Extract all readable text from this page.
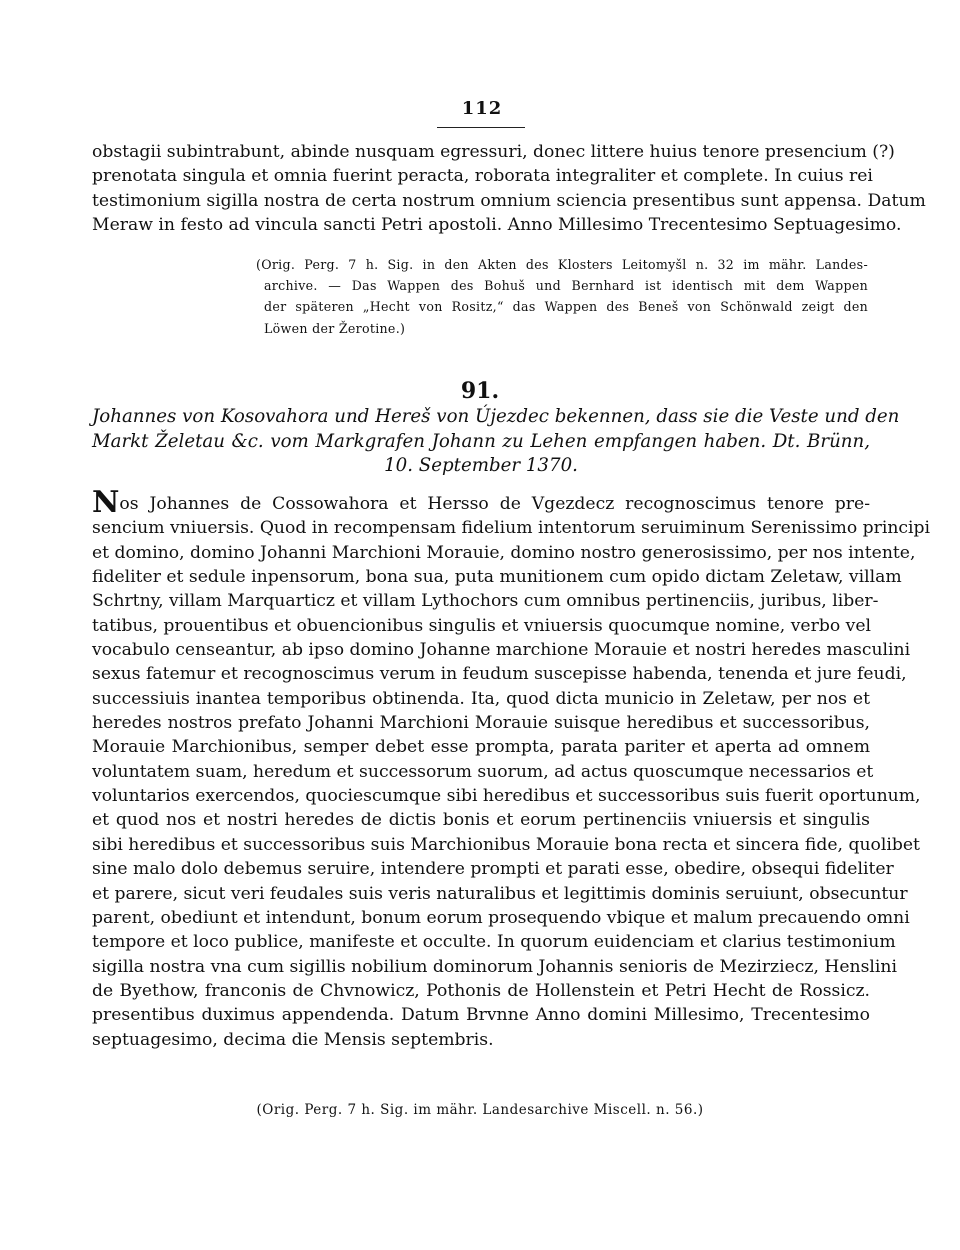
112
obstagii subintrabunt, abinde nusquam egressuri, donec littere huius tenore presencium (?)
prenotata singula et omnia fuerint peracta, roborata integraliter et complete. In cuius rei
testimonium sigilla nostra de certa nostrum omnium sciencia presentibus sunt appensa. Datum
Meraw in festo ad vincula sancti Petri apostoli. Anno Millesimo Trecentesimo Septuagesimo.
(Orig. Perg. 7 h. Sig. in den Akten des Klosters Leitomyšl n. 32 im mähr. Landes-
archive. — Das Wappen des Bohuš und Bernhard ist identisch mit dem Wappen
der späteren „Hecht von Rositz,“ das Wappen des Beneš von Schönwald zeigt den
Löwen der Žerotine.)
91.
Johannes von Kosovahora und Hereš von Újezdec bekennen, dass sie die Veste und den
Markt Želetau &c. vom Markgrafen Johann zu Lehen empfangen haben. Dt. Brünn,
10. September 1370.
Nos Johannes de Cossowahora et Hersso de Vgezdecz recognoscimus tenore pre-
sencium vniuersis. Quod in recompensam fidelium intentorum seruiminum Serenissimo principi
et domino, domino Johanni Marchioni Morauie, domino nostro generosissimo, per nos intente,
fideliter et sedule inpensorum, bona sua, puta munitionem cum opido dictam Zeletaw, villam
Schrtny, villam Marquarticz et villam Lythochors cum omnibus pertinenciis, juribus, liber-
tatibus, prouentibus et obuencionibus singulis et vniuersis quocumque nomine, verbo vel
vocabulo censeantur, ab ipso domino Johanne marchione Morauie et nostri heredes masculini
sexus fatemur et recognoscimus verum in feudum suscepisse habenda, tenenda et jure feudi,
successiuis inantea temporibus obtinenda. Ita, quod dicta municio in Zeletaw, per nos et
heredes nostros prefato Johanni Marchioni Morauie suisque heredibus et successoribus,
Morauie Marchionibus, semper debet esse prompta, parata pariter et aperta ad omnem
voluntatem suam, heredum et successorum suorum, ad actus quoscumque necessarios et
voluntarios exercendos, quociescumque sibi heredibus et successoribus suis fuerit oportunum,
et quod nos et nostri heredes de dictis bonis et eorum pertinenciis vniuersis et singulis
sibi heredibus et successoribus suis Marchionibus Morauie bona recta et sincera fide, quolibet
sine malo dolo debemus seruire, intendere prompti et parati esse, obedire, obsequi fideliter
et parere, sicut veri feudales suis veris naturalibus et legittimis dominis seruiunt, obsecuntur
parent, obediunt et intendunt, bonum eorum prosequendo vbique et malum precauendo omni
tempore et loco publice, manifeste et occulte. In quorum euidenciam et clarius testimonium
sigilla nostra vna cum sigillis nobilium dominorum Johannis senioris de Mezirziecz, Henslini
de Byethow, franconis de Chvnowicz, Pothonis de Hollenstein et Petri Hecht de Rossicz.
presentibus duximus appendenda. Datum Brvnne Anno domini Millesimo, Trecentesimo
septuagesimo, decima die Mensis septembris.
(Orig. Perg. 7 h. Sig. im mähr. Landesarchive Miscell. n. 56.)
